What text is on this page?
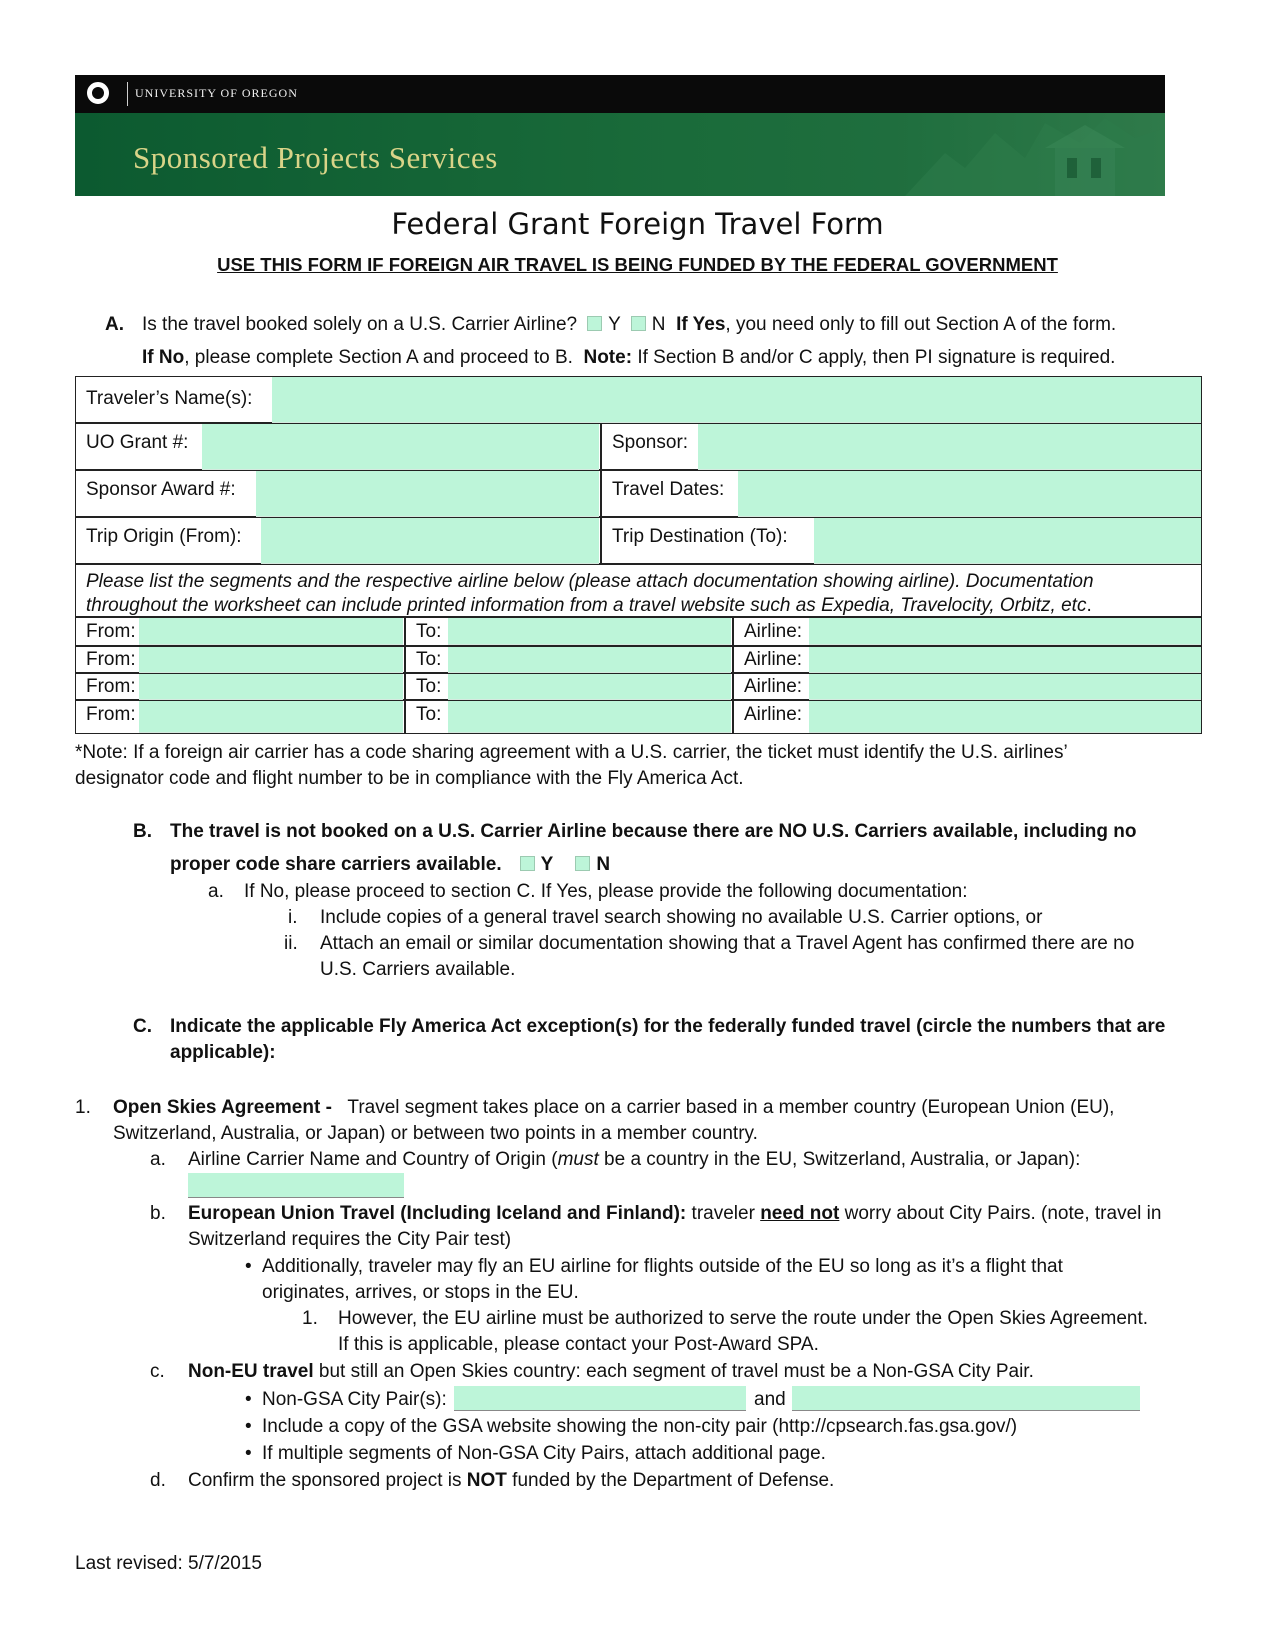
UNIVERSITY OF OREGON
Sponsored Projects Services
Federal Grant Foreign Travel Form
USE THIS FORM IF FOREIGN AIR TRAVEL IS BEING FUNDED BY THE FEDERAL GOVERNMENT
A. Is the travel booked solely on a U.S. Carrier Airline? Y N If Yes, you need only to fill out Section A of the form.
If No, please complete Section A and proceed to B. Note: If Section B and/or C apply, then PI signature is required.
Traveler’s Name(s):
UO Grant #:	Sponsor:
Sponsor Award #:	Travel Dates:
Trip Origin (From):	Trip Destination (To):
Please list the segments and the respective airline below (please attach documentation showing airline). Documentation
throughout the worksheet can include printed information from a travel website such as Expedia, Travelocity, Orbitz, etc.
From:	To:	Airline:
From:	To:	Airline:
From:	To:	Airline:
From:	To:	Airline:
*Note: If a foreign air carrier has a code sharing agreement with a U.S. carrier, the ticket must identify the U.S. airlines’
designator code and flight number to be in compliance with the Fly America Act.
B. The travel is not booked on a U.S. Carrier Airline because there are NO U.S. Carriers available, including no
proper code share carriers available. Y N
a. If No, please proceed to section C. If Yes, please provide the following documentation:
i. Include copies of a general travel search showing no available U.S. Carrier options, or
ii. Attach an email or similar documentation showing that a Travel Agent has confirmed there are no
U.S. Carriers available.
C. Indicate the applicable Fly America Act exception(s) for the federally funded travel (circle the numbers that are
applicable):
1. Open Skies Agreement - Travel segment takes place on a carrier based in a member country (European Union (EU),
Switzerland, Australia, or Japan) or between two points in a member country.
a. Airline Carrier Name and Country of Origin (must be a country in the EU, Switzerland, Australia, or Japan):
b. European Union Travel (Including Iceland and Finland): traveler need not worry about City Pairs. (note, travel in
Switzerland requires the City Pair test)
• Additionally, traveler may fly an EU airline for flights outside of the EU so long as it’s a flight that
originates, arrives, or stops in the EU.
1. However, the EU airline must be authorized to serve the route under the Open Skies Agreement.
If this is applicable, please contact your Post-Award SPA.
c. Non-EU travel but still an Open Skies country: each segment of travel must be a Non-GSA City Pair.
• Non-GSA City Pair(s):	and
• Include a copy of the GSA website showing the non-city pair (http://cpsearch.fas.gsa.gov/)
• If multiple segments of Non-GSA City Pairs, attach additional page.
d. Confirm the sponsored project is NOT funded by the Department of Defense.
Last revised: 5/7/2015
